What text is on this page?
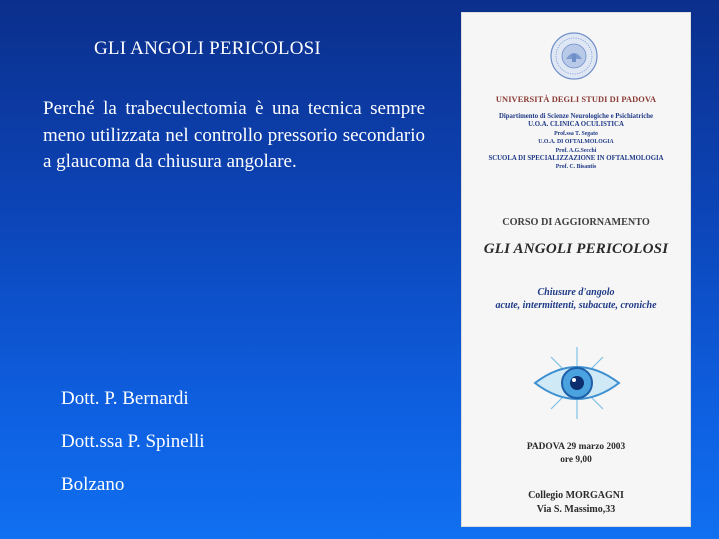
GLI ANGOLI PERICOLOSI
Perché la trabeculectomia è una tecnica sempre meno utilizzata nel controllo pressorio secondario a glaucoma da chiusura angolare.
Dott. P. Bernardi
Dott.ssa P. Spinelli
Bolzano
UNIVERSITÀ DEGLI STUDI DI PADOVA
Dipartimento di Scienze Neurologiche e Psichiatriche
U.O.A. CLINICA OCULISTICA
Prof.ssa T. Segato
U.O.A. DI OFTALMOLOGIA
Prof. A.G.Secchi
SCUOLA DI SPECIALIZZAZIONE IN OFTALMOLOGIA
Prof. C. Bisantis
CORSO DI AGGIORNAMENTO
GLI ANGOLI PERICOLOSI
Chiusure d'angolo
acute, intermittenti, subacute, croniche
PADOVA 29 marzo 2003
ore 9,00
Collegio MORGAGNI
Via S. Massimo,33
